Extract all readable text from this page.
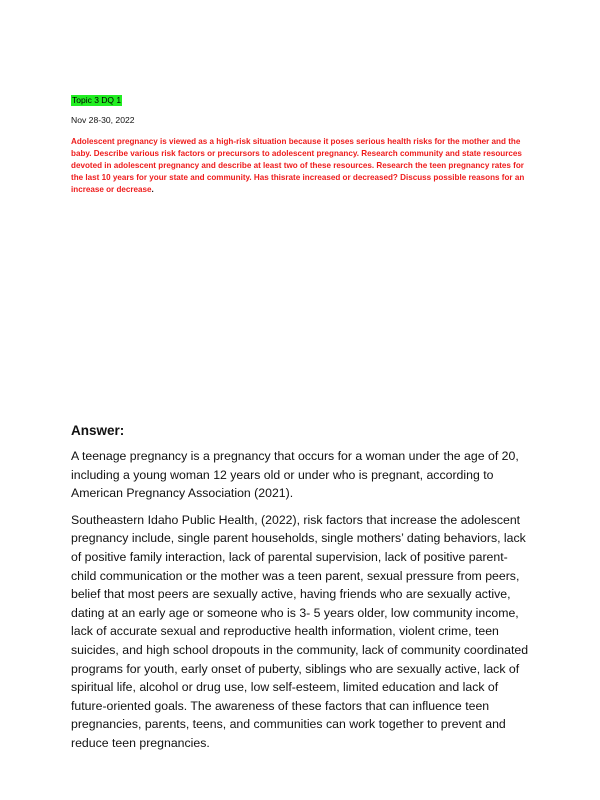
Topic 3 DQ 1
Nov 28-30, 2022
Adolescent pregnancy is viewed as a high-risk situation because it poses serious health risks for the mother and the baby. Describe various risk factors or precursors to adolescent pregnancy. Research community and state resources devoted in adolescent pregnancy and describe at least two of these resources. Research the teen pregnancy rates for the last 10 years for your state and community. Has thisrate increased or decreased? Discuss possible reasons for an increase or decrease.
Answer:

A teenage pregnancy is a pregnancy that occurs for a woman under the age of 20, including a young woman 12 years old or under who is pregnant, according to American Pregnancy Association (2021).

Southeastern Idaho Public Health, (2022), risk factors that increase the adolescent pregnancy include, single parent households, single mothers’ dating behaviors, lack of positive family interaction, lack of parental supervision, lack of positive parent-child communication or the mother was a teen parent, sexual pressure from peers, belief that most peers are sexually active, having friends who are sexually active, dating at an early age or someone who is 3- 5 years older, low community income, lack of accurate sexual and reproductive health information, violent crime, teen suicides, and high school dropouts in the community, lack of community coordinated programs for youth, early onset of puberty, siblings who are sexually active, lack of spiritual life, alcohol or drug use, low self-esteem, limited education and lack of future-oriented goals. The awareness of these factors that can influence teen pregnancies, parents, teens, and communities can work together to prevent and reduce teen pregnancies.
